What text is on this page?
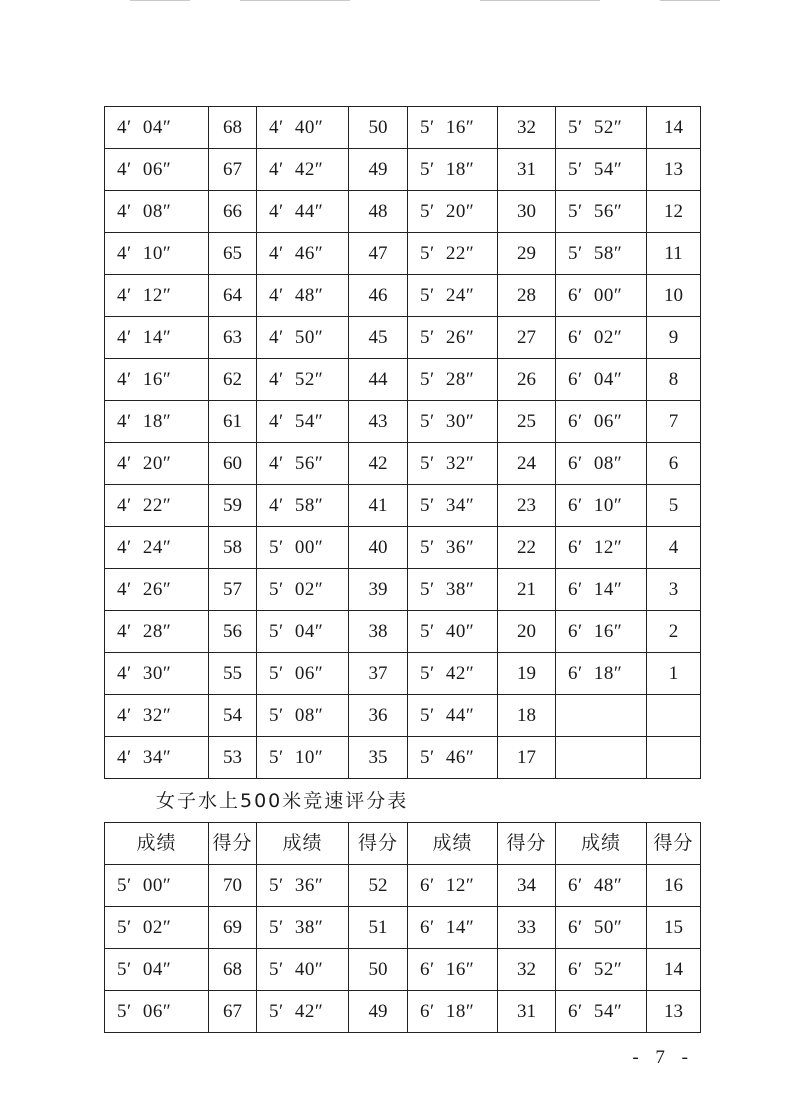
4′ 04″	68	4′ 40″	50	5′ 16″	32	5′ 52″	14
4′ 06″	67	4′ 42″	49	5′ 18″	31	5′ 54″	13
4′ 08″	66	4′ 44″	48	5′ 20″	30	5′ 56″	12
4′ 10″	65	4′ 46″	47	5′ 22″	29	5′ 58″	11
4′ 12″	64	4′ 48″	46	5′ 24″	28	6′ 00″	10
4′ 14″	63	4′ 50″	45	5′ 26″	27	6′ 02″	9
4′ 16″	62	4′ 52″	44	5′ 28″	26	6′ 04″	8
4′ 18″	61	4′ 54″	43	5′ 30″	25	6′ 06″	7
4′ 20″	60	4′ 56″	42	5′ 32″	24	6′ 08″	6
4′ 22″	59	4′ 58″	41	5′ 34″	23	6′ 10″	5
4′ 24″	58	5′ 00″	40	5′ 36″	22	6′ 12″	4
4′ 26″	57	5′ 02″	39	5′ 38″	21	6′ 14″	3
4′ 28″	56	5′ 04″	38	5′ 40″	20	6′ 16″	2
4′ 30″	55	5′ 06″	37	5′ 42″	19	6′ 18″	1
4′ 32″	54	5′ 08″	36	5′ 44″	18		
4′ 34″	53	5′ 10″	35	5′ 46″	17		
女子水上500米竞速评分表
成绩	得分	成绩	得分	成绩	得分	成绩	得分
5′ 00″	70	5′ 36″	52	6′ 12″	34	6′ 48″	16
5′ 02″	69	5′ 38″	51	6′ 14″	33	6′ 50″	15
5′ 04″	68	5′ 40″	50	6′ 16″	32	6′ 52″	14
5′ 06″	67	5′ 42″	49	6′ 18″	31	6′ 54″	13
- 7 -
